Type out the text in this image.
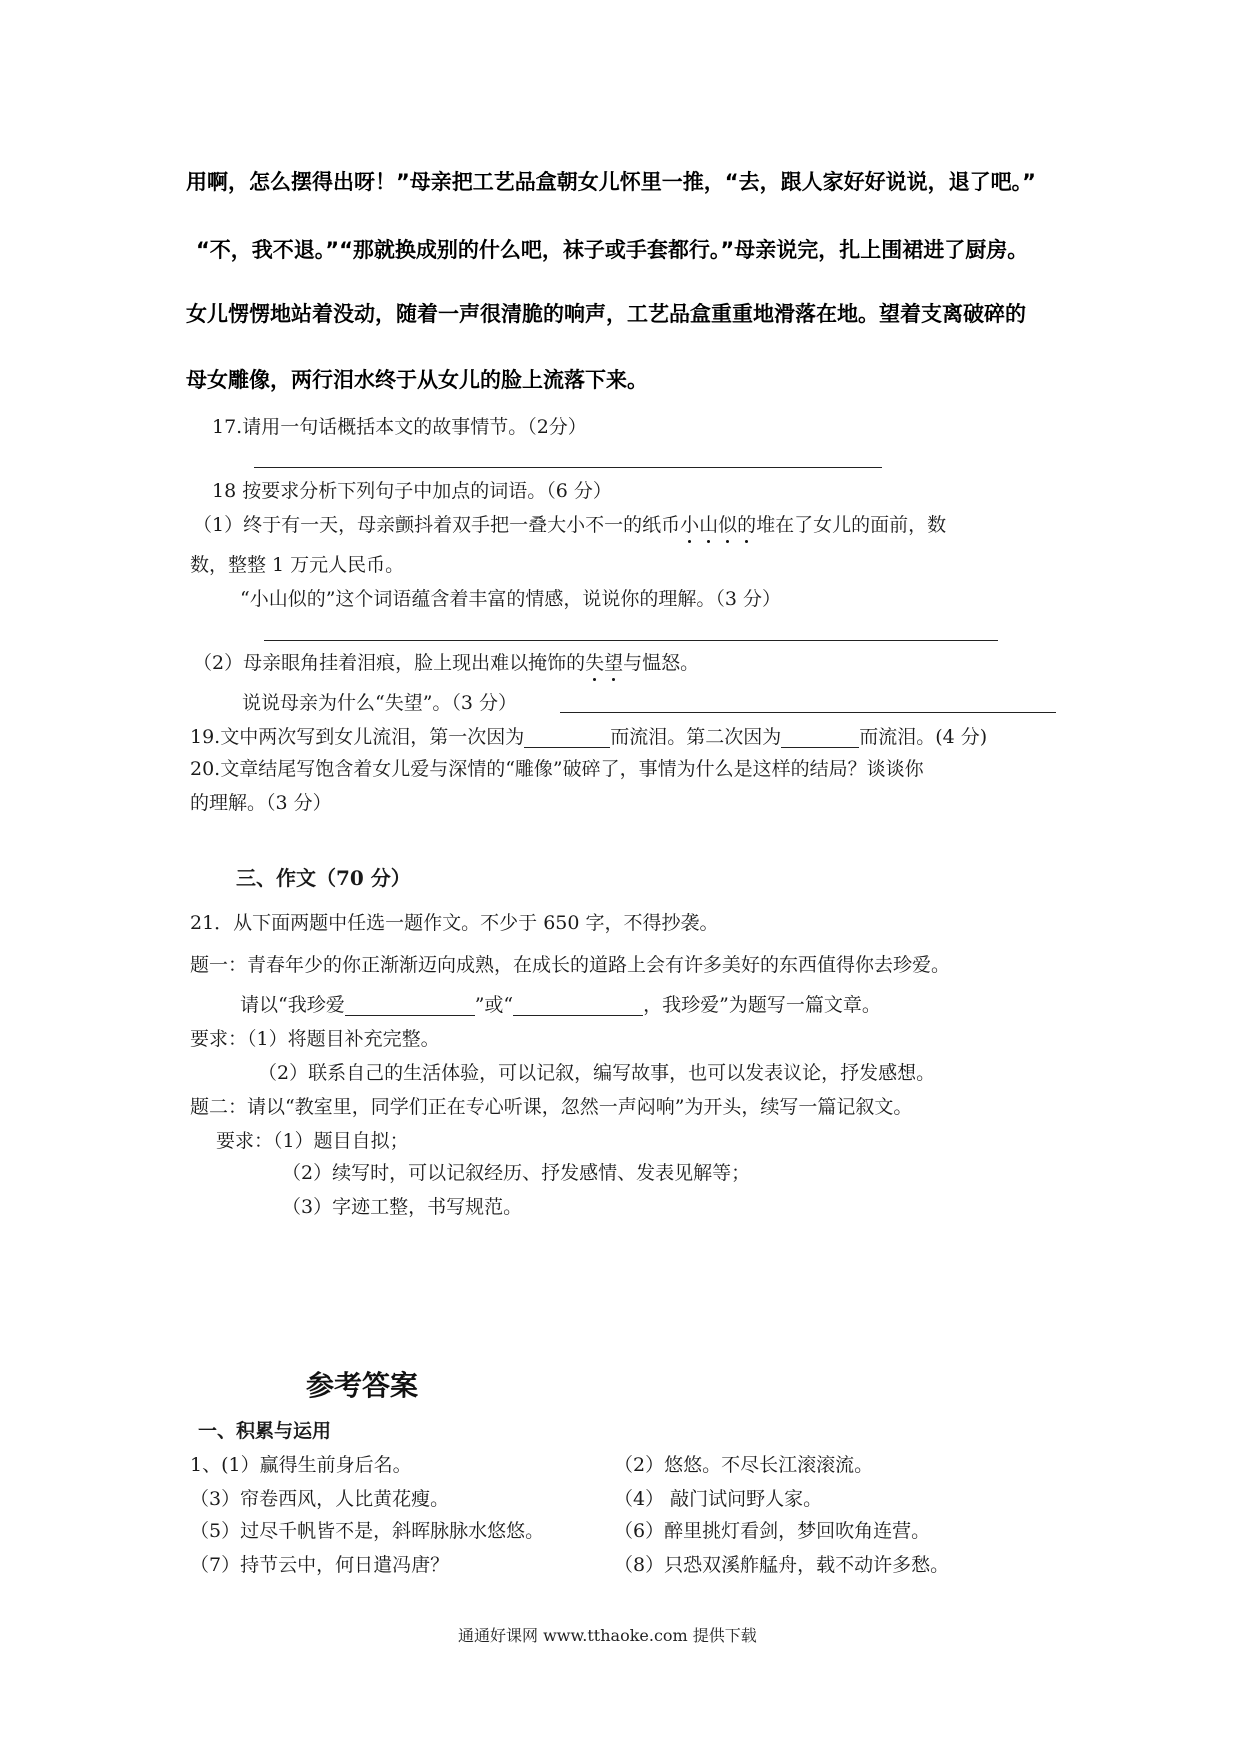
用啊，怎么摆得出呀！”母亲把工艺品盒朝女儿怀里一推，“去，跟人家好好说说，退了吧。”
“不，我不退。”“那就换成别的什么吧，袜子或手套都行。”母亲说完，扎上围裙进了厨房。
女儿愣愣地站着没动，随着一声很清脆的响声，工艺品盒重重地滑落在地。望着支离破碎的
母女雕像，两行泪水终于从女儿的脸上流落下来。
17.请用一句话概括本文的故事情节。（2分）
18 按要求分析下列句子中加点的词语。（6 分）
（1）终于有一天，母亲颤抖着双手把一叠大小不一的纸币小山似的堆在了女儿的面前，数
数，整整 1 万元人民币。
“小山似的”这个词语蕴含着丰富的情感，说说你的理解。（3 分）
（2）母亲眼角挂着泪痕，脸上现出难以掩饰的失望与愠怒。
说说母亲为什么“失望”。（3 分）
19.文中两次写到女儿流泪，第一次因为	而流泪。第二次因为	而流泪。(4 分)
20.文章结尾写饱含着女儿爱与深情的“雕像”破碎了，事情为什么是这样的结局？谈谈你
的理解。（3 分）
三、作文（70 分）
21．从下面两题中任选一题作文。不少于 650 字，不得抄袭。
题一：青春年少的你正渐渐迈向成熟，在成长的道路上会有许多美好的东西值得你去珍爱。
请以“我珍爱	”或“	，我珍爱”为题写一篇文章。
要求：（1）将题目补充完整。
（2）联系自己的生活体验，可以记叙，编写故事，也可以发表议论，抒发感想。
题二：请以“教室里，同学们正在专心听课，忽然一声闷响”为开头，续写一篇记叙文。
要求：（1）题目自拟；
（2）续写时，可以记叙经历、抒发感情、发表见解等；
（3）字迹工整，书写规范。
参考答案
一、积累与运用
1、(1）赢得生前身后名。	（2）悠悠。不尽长江滚滚流。
（3）帘卷西风，人比黄花瘦。	（4） 敲门试问野人家。
（5）过尽千帆皆不是，斜晖脉脉水悠悠。	（6）醉里挑灯看剑，梦回吹角连营。
（7）持节云中，何日遣冯唐？	（8）只恐双溪舴艋舟，载不动许多愁。
通通好课网 www.tthaoke.com 提供下载
